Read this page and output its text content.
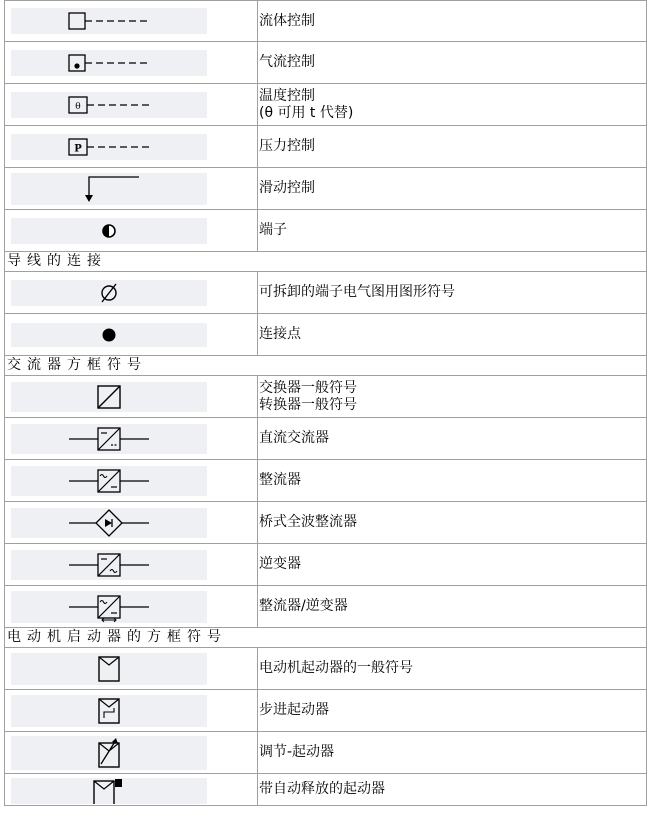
流体控制

气流控制

θ	温度控制
(θ 可用 t 代替)

P	压力控制

滑动控制

端子

导线的连接	

可拆卸的端子电气图用图形符号

连接点

交流器方框符号	

交换器一般符号
转换器一般符号

直流交流器

整流器

桥式全波整流器

逆变器

整流器/逆变器

电动机启动器的方框符号	

电动机起动器的一般符号

步进起动器

调节-起动器

带自动释放的起动器
